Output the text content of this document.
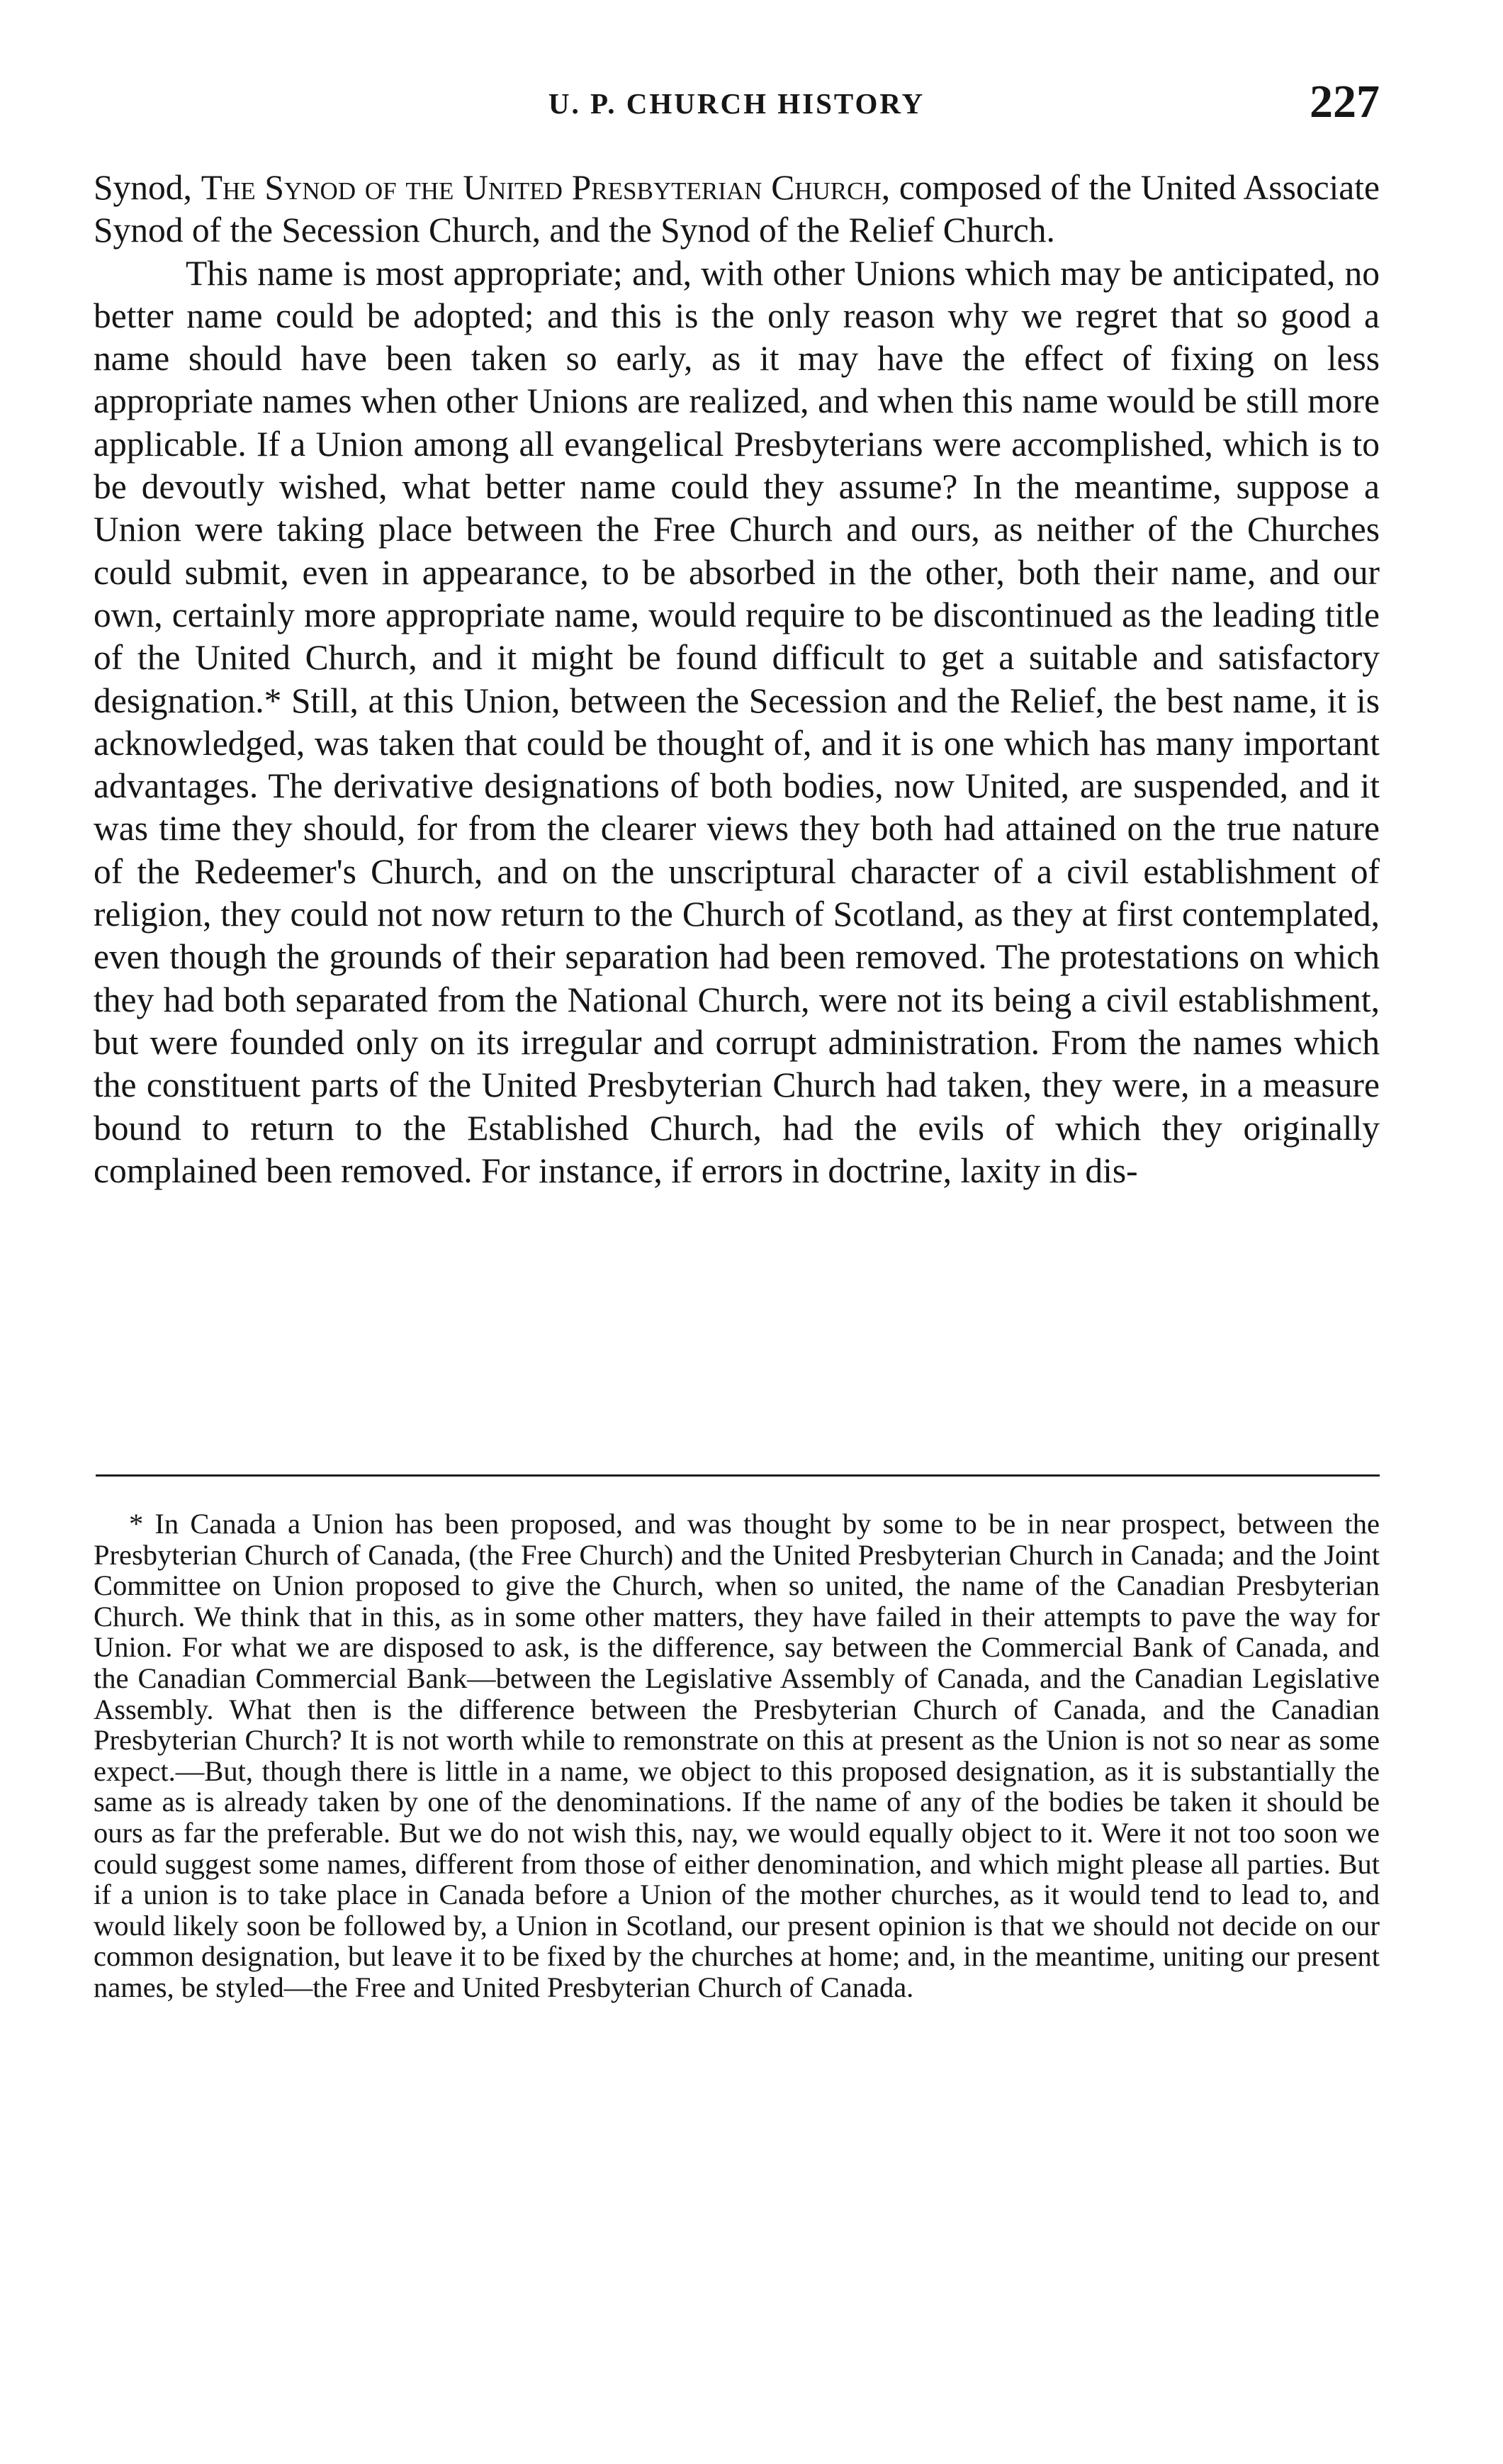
U. P. CHURCH HISTORY	227

Synod, The Synod of the United Presbyterian Church, composed of the United Associate Synod of the Secession Church, and the Synod of the Relief Church.

This name is most appropriate; and, with other Unions which may be anticipated, no better name could be adopted; and this is the only reason why we regret that so good a name should have been taken so early, as it may have the effect of fixing on less appropriate names when other Unions are realized, and when this name would be still more applicable. If a Union among all evangelical Presbyterians were accomplished, which is to be devoutly wished, what better name could they assume? In the meantime, suppose a Union were taking place between the Free Church and ours, as neither of the Churches could submit, even in appearance, to be absorbed in the other, both their name, and our own, certainly more appropriate name, would require to be discontinued as the leading title of the United Church, and it might be found difficult to get a suitable and satisfactory designation.* Still, at this Union, between the Secession and the Relief, the best name, it is acknowledged, was taken that could be thought of, and it is one which has many important advantages. The derivative designations of both bodies, now United, are suspended, and it was time they should, for from the clearer views they both had attained on the true nature of the Redeemer's Church, and on the unscriptural character of a civil establishment of religion, they could not now return to the Church of Scotland, as they at first contemplated, even though the grounds of their separation had been removed. The protestations on which they had both separated from the National Church, were not its being a civil establishment, but were founded only on its irregular and corrupt administration. From the names which the constituent parts of the United Presbyterian Church had taken, they were, in a measure bound to return to the Established Church, had the evils of which they originally complained been removed. For instance, if errors in doctrine, laxity in dis-

* In Canada a Union has been proposed, and was thought by some to be in near prospect, between the Presbyterian Church of Canada, (the Free Church) and the United Presbyterian Church in Canada; and the Joint Committee on Union proposed to give the Church, when so united, the name of the Canadian Presbyterian Church. We think that in this, as in some other matters, they have failed in their attempts to pave the way for Union. For what we are disposed to ask, is the difference, say between the Commercial Bank of Canada, and the Canadian Commercial Bank—between the Legislative Assembly of Canada, and the Canadian Legislative Assembly. What then is the difference between the Presbyterian Church of Canada, and the Canadian Presbyterian Church? It is not worth while to remonstrate on this at present as the Union is not so near as some expect.—But, though there is little in a name, we object to this proposed designation, as it is substantially the same as is already taken by one of the denominations. If the name of any of the bodies be taken it should be ours as far the preferable. But we do not wish this, nay, we would equally object to it. Were it not too soon we could suggest some names, different from those of either denomination, and which might please all parties. But if a union is to take place in Canada before a Union of the mother churches, as it would tend to lead to, and would likely soon be followed by, a Union in Scotland, our present opinion is that we should not decide on our common designation, but leave it to be fixed by the churches at home; and, in the meantime, uniting our present names, be styled—the Free and United Presbyterian Church of Canada.
